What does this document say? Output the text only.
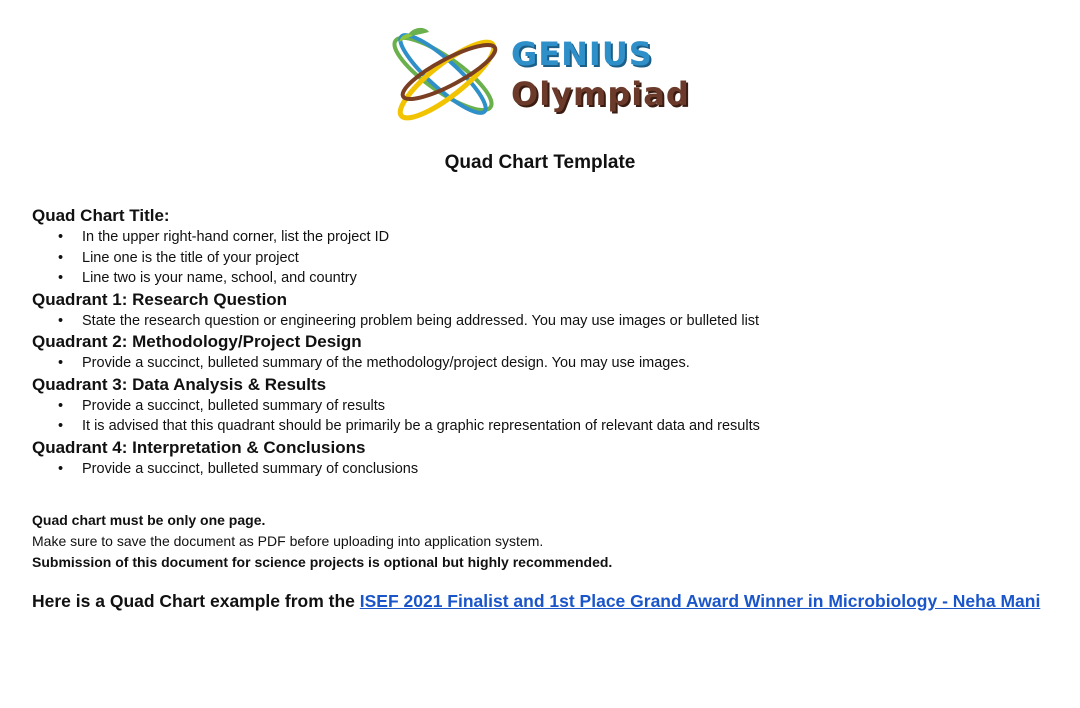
GENIUS
Olympiad
Quad Chart Template
Quad Chart Title:
• In the upper right-hand corner, list the project ID
• Line one is the title of your project
• Line two is your name, school, and country
Quadrant 1: Research Question
• State the research question or engineering problem being addressed. You may use images or bulleted list
Quadrant 2: Methodology/Project Design
• Provide a succinct, bulleted summary of the methodology/project design. You may use images.
Quadrant 3: Data Analysis & Results
• Provide a succinct, bulleted summary of results
• It is advised that this quadrant should be primarily be a graphic representation of relevant data and results
Quadrant 4: Interpretation & Conclusions
• Provide a succinct, bulleted summary of conclusions

Quad chart must be only one page.

Make sure to save the document as PDF before uploading into application system.

Submission of this document for science projects is optional but highly recommended.

Here is a Quad Chart example from the ISEF 2021 Finalist and 1st Place Grand Award Winner in Microbiology - Neha Mani
